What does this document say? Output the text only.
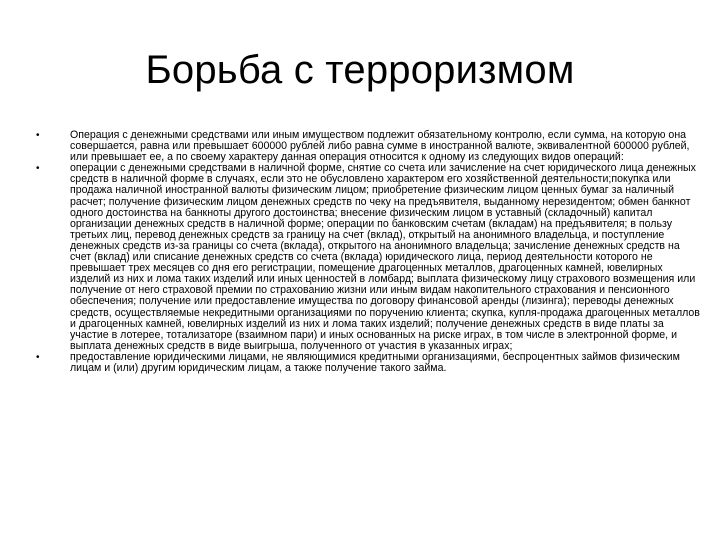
Борьба с терроризмом
•	Операция с денежными средствами или иным имуществом подлежит обязательному контролю, если сумма, на которую она совершается, равна или превышает 600000 рублей либо равна сумме в иностранной валюте, эквивалентной 600000 рублей, или превышает ее, а по своему характеру данная операция относится к одному из следующих видов операций:
•	операции с денежными средствами в наличной форме, снятие со счета или зачисление на счет юридического лица денежных средств в наличной форме в случаях, если это не обусловлено характером его хозяйственной деятельности;покупка или продажа наличной иностранной валюты физическим лицом; приобретение физическим лицом ценных бумаг за наличный расчет; получение физическим лицом денежных средств по чеку на предъявителя, выданному нерезидентом; обмен банкнот одного достоинства на банкноты другого достоинства; внесение физическим лицом в уставный (складочный) капитал организации денежных средств в наличной форме; операции по банковским счетам (вкладам) на предъявителя; в пользу третьих лиц, перевод денежных средств за границу на счет (вклад), открытый на анонимного владельца, и поступление денежных средств из-за границы со счета (вклада), открытого на анонимного владельца; зачисление денежных средств на счет (вклад) или списание денежных средств со счета (вклада) юридического лица, период деятельности которого не превышает трех месяцев со дня его регистрации, помещение драгоценных металлов, драгоценных камней, ювелирных изделий из них и лома таких изделий или иных ценностей в ломбард; выплата физическому лицу страхового возмещения или получение от него страховой премии по страхованию жизни или иным видам накопительного страхования и пенсионного обеспечения; получение или предоставление имущества по договору финансовой аренды (лизинга); переводы денежных средств, осуществляемые некредитными организациями по поручению клиента; скупка, купля-продажа драгоценных металлов и драгоценных камней, ювелирных изделий из них и лома таких изделий; получение денежных средств в виде платы за участие в лотерее, тотализаторе (взаимном пари) и иных основанных на риске играх, в том числе в электронной форме, и выплата денежных средств в виде выигрыша, полученного от участия в указанных играх;
•	предоставление юридическими лицами, не являющимися кредитными организациями, беспроцентных займов физическим лицам и (или) другим юридическим лицам, а также получение такого займа.
